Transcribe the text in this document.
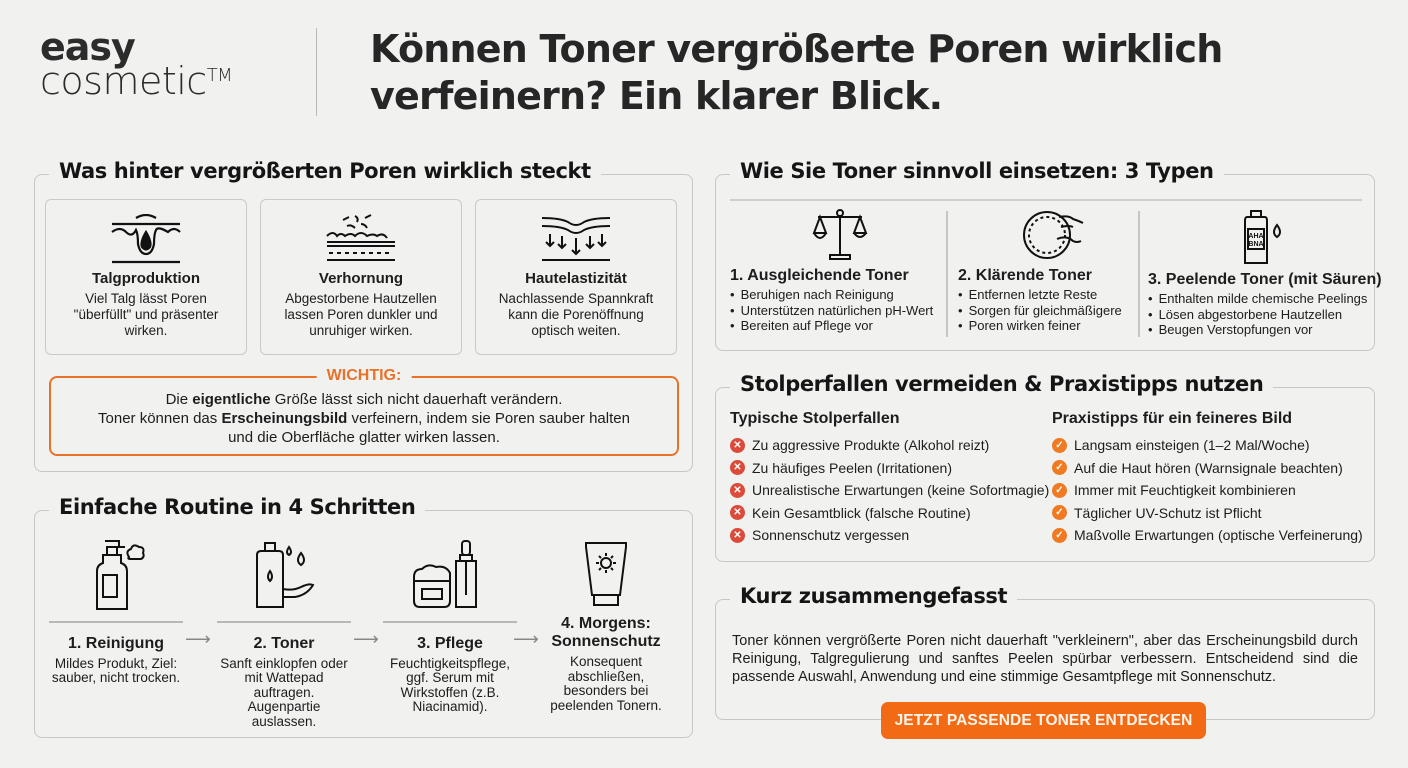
easy
cosmetic™
Können Toner vergrößerte Poren wirklich verfeinern? Ein klarer Blick.
Was hinter vergrößerten Poren wirklich steckt
Talgproduktion
Viel Talg lässt Poren "überfüllt" und präsenter wirken.
Verhornung
Abgestorbene Hautzellen lassen Poren dunkler und unruhiger wirken.
Hautelastizität
Nachlassende Spannkraft kann die Porenöffnung optisch weiten.
WICHTIG:
Die eigentliche Größe lässt sich nicht dauerhaft verändern.
Toner können das Erscheinungsbild verfeinern, indem sie Poren sauber halten
und die Oberfläche glatter wirken lassen.
Einfache Routine in 4 Schritten
1. Reinigung
Mildes Produkt, Ziel: sauber, nicht trocken.
⟶	2. Toner
Sanft einklopfen oder mit Wattepad auftragen. Augenpartie auslassen.
⟶	3. Pflege
Feuchtigkeitspflege, ggf. Serum mit Wirkstoffen (z.B. Niacinamid).
⟶
4. Morgens: Sonnenschutz
Konsequent abschließen, besonders bei peelenden Tonern.
Wie Sie Toner sinnvoll einsetzen: 3 Typen
1. Ausgleichende Toner
• Beruhigen nach Reinigung
• Unterstützen natürlichen pH-Wert
• Bereiten auf Pflege vor
2. Klärende Toner
• Entfernen letzte Reste
• Sorgen für gleichmäßigere
• Poren wirken feiner
AHA
BNA
3. Peelende Toner (mit Säuren)
• Enthalten milde chemische Peelings
• Lösen abgestorbene Hautzellen
• Beugen Verstopfungen vor
Stolperfallen vermeiden & Praxistipps nutzen
Typische Stolperfallen
✕ Zu aggressive Produkte (Alkohol reizt)
✕ Zu häufiges Peelen (Irritationen)
✕ Unrealistische Erwartungen (keine Sofortmagie)
✕ Kein Gesamtblick (falsche Routine)
✕ Sonnenschutz vergessen
Praxistipps für ein feineres Bild
✓ Langsam einsteigen (1–2 Mal/Woche)
✓ Auf die Haut hören (Warnsignale beachten)
✓ Immer mit Feuchtigkeit kombinieren
✓ Täglicher UV-Schutz ist Pflicht
✓ Maßvolle Erwartungen (optische Verfeinerung)
Kurz zusammengefasst

Toner können vergrößerte Poren nicht dauerhaft "verkleinern", aber das Erscheinungsbild durch Reinigung, Talgregulierung und sanftes Peelen spürbar verbessern. Entscheidend sind die passende Auswahl, Anwendung und eine stimmige Gesamtpflege mit Sonnenschutz.

JETZT PASSENDE TONER ENTDECKEN
